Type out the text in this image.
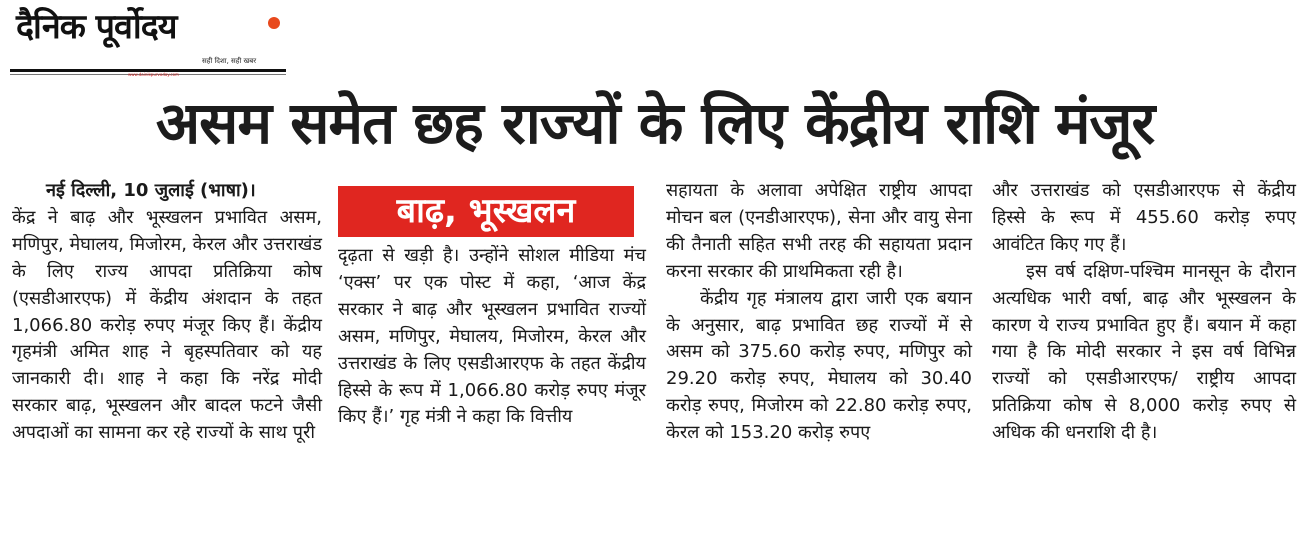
दैनिक पूर्वोदय
सही दिशा, सही खबर
www.dainikpurvoday.com
असम समेत छह राज्यों के लिए केंद्रीय राशि मंजूर

नई दिल्ली, 10 जुलाई (भाषा)।

केंद्र ने बाढ़ और भूस्खलन प्रभावित असम, मणिपुर, मेघालय, मिजोरम, केरल और उत्तराखंड के लिए राज्य आपदा प्रतिक्रिया कोष (एसडीआरएफ) में केंद्रीय अंशदान के तहत 1,066.80 करोड़ रुपए मंजूर किए हैं। केंद्रीय गृहमंत्री अमित शाह ने बृहस्पतिवार को यह जानकारी दी। शाह ने कहा कि नरेंद्र मोदी सरकार बाढ़, भूस्खलन और बादल फटने जैसी अपदाओं का सामना कर रहे राज्यों के साथ पूरी

बाढ़, भूस्खलन

दृढ़ता से खड़ी है। उन्होंने सोशल मीडिया मंच ‘एक्स’ पर एक पोस्ट में कहा, ‘आज केंद्र सरकार ने बाढ़ और भूस्खलन प्रभावित राज्यों असम, मणिपुर, मेघालय, मिजोरम, केरल और उत्तराखंड के लिए एसडीआरएफ के तहत केंद्रीय हिस्से के रूप में 1,066.80 करोड़ रुपए मंजूर किए हैं।’ गृह मंत्री ने कहा कि वित्तीय

सहायता के अलावा अपेक्षित राष्ट्रीय आपदा मोचन बल (एनडीआरएफ), सेना और वायु सेना की तैनाती सहित सभी तरह की सहायता प्रदान करना सरकार की प्राथमिकता रही है।

केंद्रीय गृह मंत्रालय द्वारा जारी एक बयान के अनुसार, बाढ़ प्रभावित छह राज्यों में से असम को 375.60 करोड़ रुपए, मणिपुर को 29.20 करोड़ रुपए, मेघालय को 30.40 करोड़ रुपए, मिजोरम को 22.80 करोड़ रुपए, केरल को 153.20 करोड़ रुपए

और उत्तराखंड को एसडीआरएफ से केंद्रीय हिस्से के रूप में 455.60 करोड़ रुपए आवंटित किए गए हैं।

इस वर्ष दक्षिण-पश्चिम मानसून के दौरान अत्यधिक भारी वर्षा, बाढ़ और भूस्खलन के कारण ये राज्य प्रभावित हुए हैं। बयान में कहा गया है कि मोदी सरकार ने इस वर्ष विभिन्न राज्यों को एसडीआरएफ/ राष्ट्रीय आपदा प्रतिक्रिया कोष से 8,000 करोड़ रुपए से अधिक की धनराशि दी है।
